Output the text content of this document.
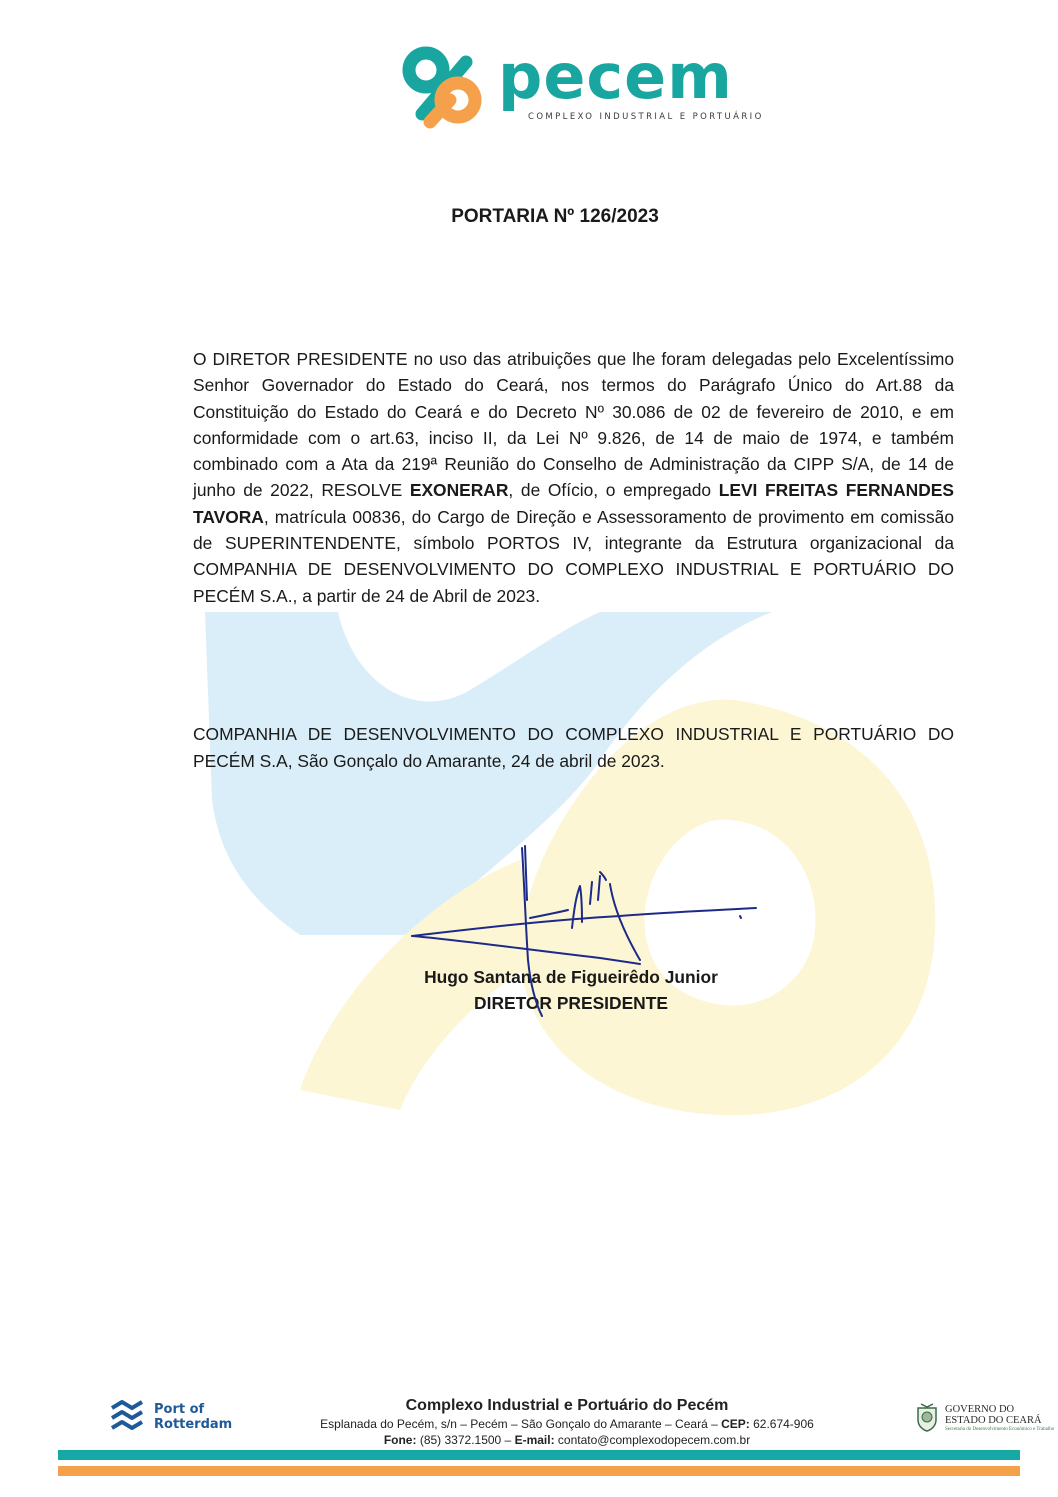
pecem
COMPLEXO INDUSTRIAL E PORTUÁRIO
PORTARIA Nº 126/2023
O DIRETOR PRESIDENTE no uso das atribuições que lhe foram delegadas pelo Excelentíssimo Senhor Governador do Estado do Ceará, nos termos do Parágrafo Único do Art.88 da Constituição do Estado do Ceará e do Decreto Nº 30.086 de 02 de fevereiro de 2010, e em conformidade com o art.63, inciso II, da Lei Nº 9.826, de 14 de maio de 1974, e também combinado com a Ata da 219ª Reunião do Conselho de Administração da CIPP S/A, de 14 de junho de 2022, RESOLVE EXONERAR, de Ofício, o empregado LEVI FREITAS FERNANDES TAVORA, matrícula 00836, do Cargo de Direção e Assessoramento de provimento em comissão de SUPERINTENDENTE, símbolo PORTOS IV, integrante da Estrutura organizacional da COMPANHIA DE DESENVOLVIMENTO DO COMPLEXO INDUSTRIAL E PORTUÁRIO DO PECÉM S.A., a partir de 24 de Abril de 2023.
COMPANHIA DE DESENVOLVIMENTO DO COMPLEXO INDUSTRIAL E PORTUÁRIO DO PECÉM S.A, São Gonçalo do Amarante, 24 de abril de 2023.
Hugo Santana de Figueirêdo Junior
DIRETOR PRESIDENTE
Port of
Rotterdam
Complexo Industrial e Portuário do Pecém
Esplanada do Pecém, s/n – Pecém – São Gonçalo do Amarante – Ceará – CEP: 62.674-906
Fone: (85) 3372.1500 – E-mail: contato@complexodopecem.com.br
GOVERNO DO
ESTADO DO CEARÁ
Secretaria do Desenvolvimento Econômico e Trabalho
